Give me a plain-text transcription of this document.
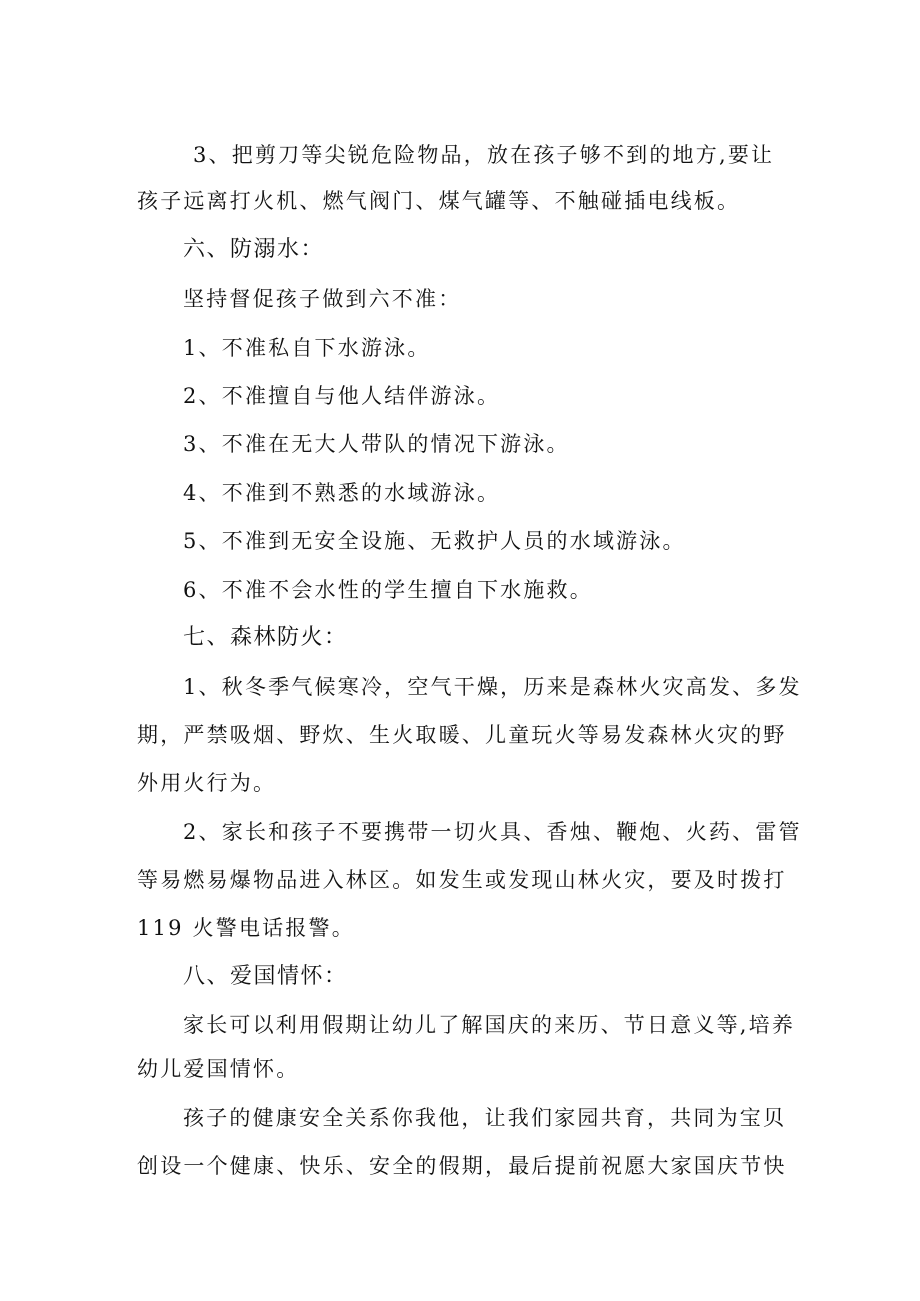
3、把剪刀等尖锐危险物品，放在孩子够不到的地方,要让
孩子远离打火机、燃气阀门、煤气罐等、不触碰插电线板。
六、防溺水：
坚持督促孩子做到六不准：
1、不准私自下水游泳。
2、不准擅自与他人结伴游泳。
3、不准在无大人带队的情况下游泳。
4、不准到不熟悉的水域游泳。
5、不准到无安全设施、无救护人员的水域游泳。
6、不准不会水性的学生擅自下水施救。
七、森林防火：
1、秋冬季气候寒冷，空气干燥，历来是森林火灾高发、多发
期，严禁吸烟、野炊、生火取暖、儿童玩火等易发森林火灾的野
外用火行为。
2、家长和孩子不要携带一切火具、香烛、鞭炮、火药、雷管
等易燃易爆物品进入林区。如发生或发现山林火灾，要及时拨打
119 火警电话报警。
八、爱国情怀：
家长可以利用假期让幼儿了解国庆的来历、节日意义等,培养
幼儿爱国情怀。
孩子的健康安全关系你我他，让我们家园共育，共同为宝贝
创设一个健康、快乐、安全的假期，最后提前祝愿大家国庆节快
